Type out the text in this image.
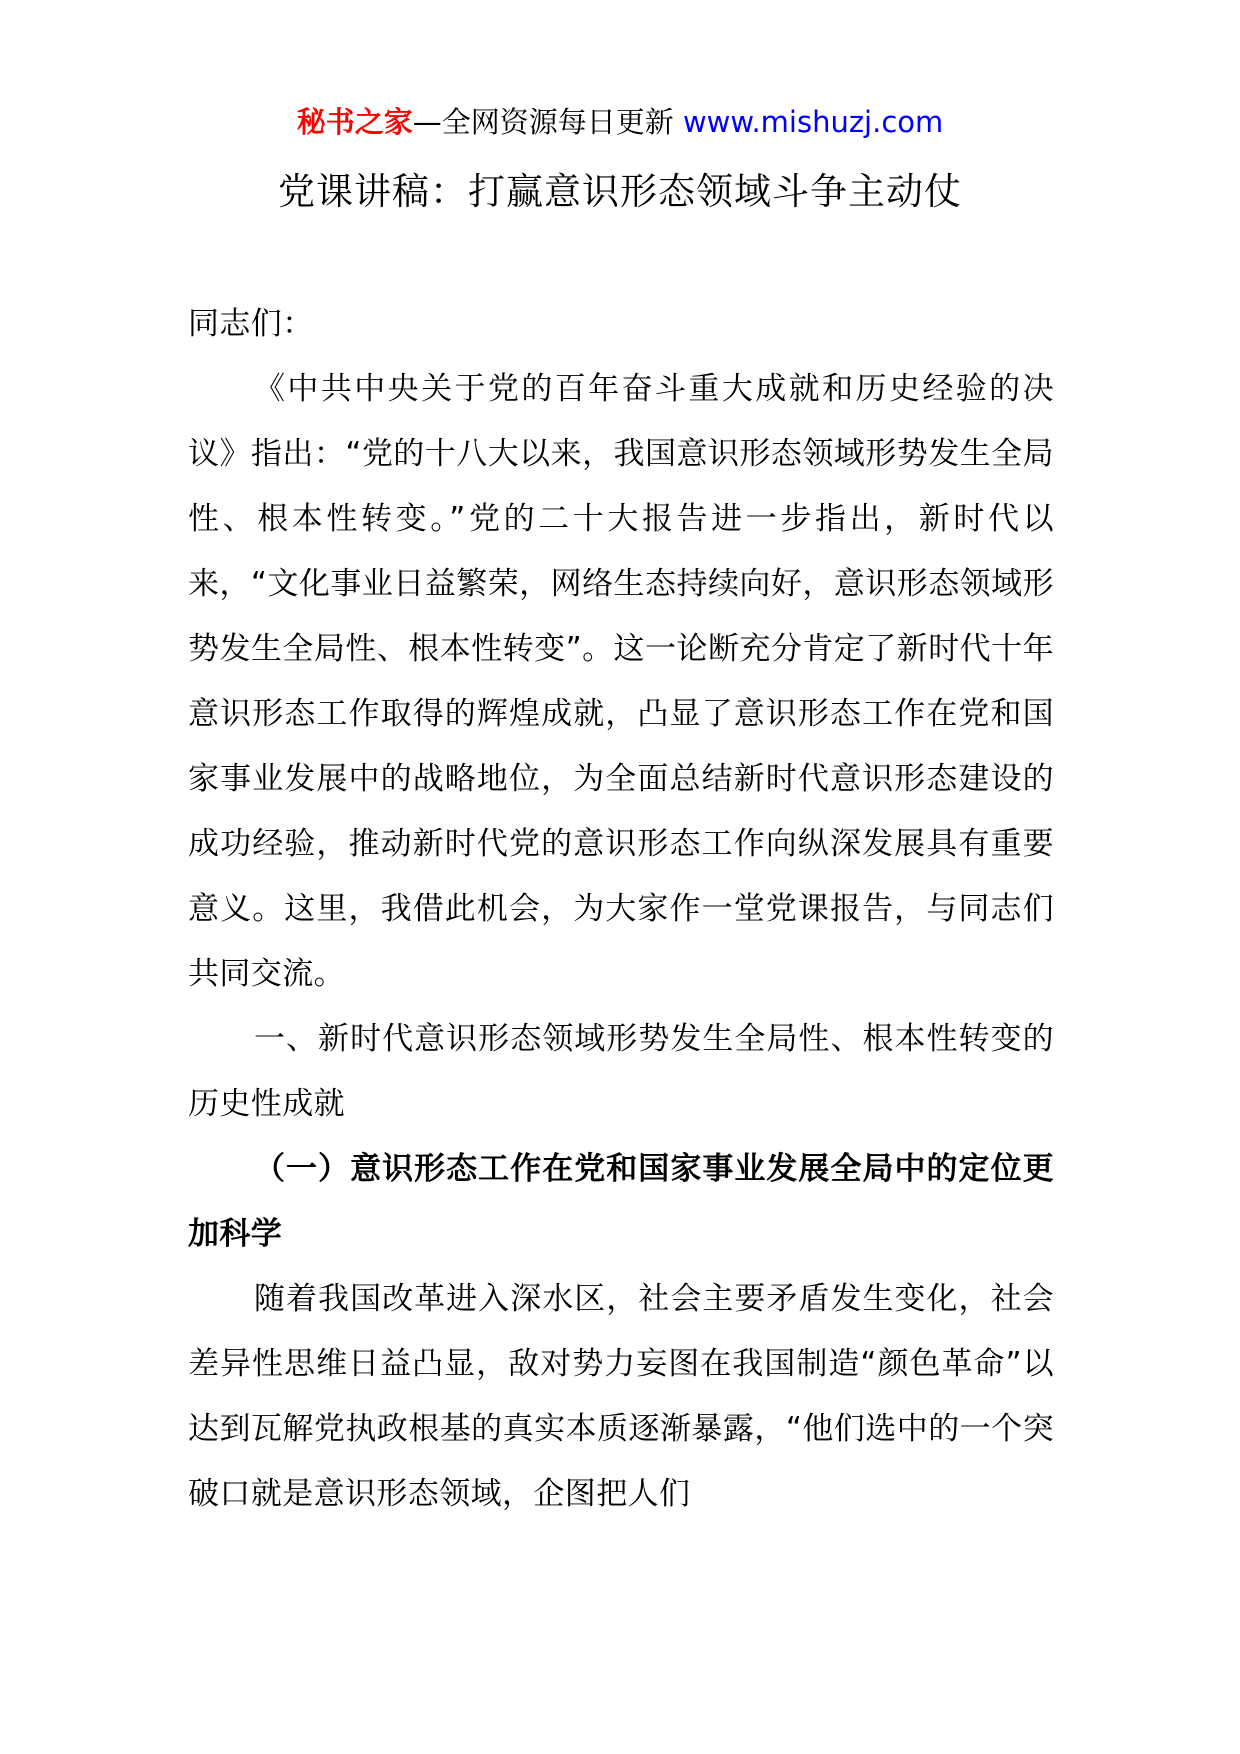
秘书之家—全网资源每日更新 www.mishuzj.com
党课讲稿：打赢意识形态领域斗争主动仗

同志们：

《中共中央关于党的百年奋斗重大成就和历史经验的决议》指出：“党的十八大以来，我国意识形态领域形势发生全局性、根本性转变。”党的二十大报告进一步指出，新时代以来，“文化事业日益繁荣，网络生态持续向好，意识形态领域形势发生全局性、根本性转变”。这一论断充分肯定了新时代十年意识形态工作取得的辉煌成就，凸显了意识形态工作在党和国家事业发展中的战略地位，为全面总结新时代意识形态建设的成功经验，推动新时代党的意识形态工作向纵深发展具有重要意义。这里，我借此机会，为大家作一堂党课报告，与同志们共同交流。

一、新时代意识形态领域形势发生全局性、根本性转变的历史性成就

（一）意识形态工作在党和国家事业发展全局中的定位更加科学

随着我国改革进入深水区，社会主要矛盾发生变化，社会差异性思维日益凸显，敌对势力妄图在我国制造“颜色革命”以达到瓦解党执政根基的真实本质逐渐暴露，“他们选中的一个突破口就是意识形态领域，企图把人们
